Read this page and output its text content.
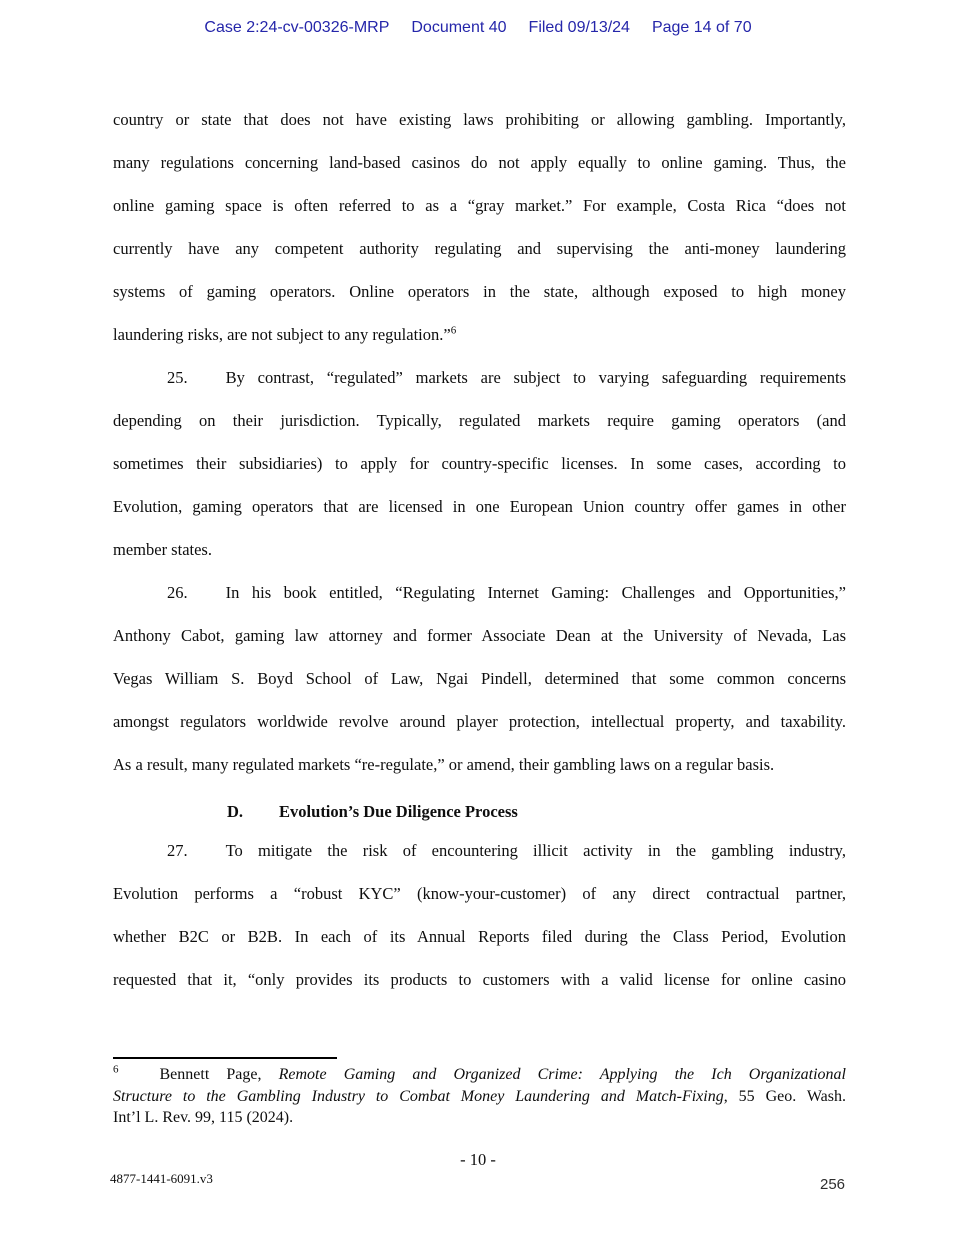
Case 2:24-cv-00326-MRP Document 40 Filed 09/13/24 Page 14 of 70
country or state that does not have existing laws prohibiting or allowing gambling. Importantly,
many regulations concerning land-based casinos do not apply equally to online gaming. Thus, the
online gaming space is often referred to as a “gray market.” For example, Costa Rica “does not
currently have any competent authority regulating and supervising the anti-money laundering
systems of gaming operators. Online operators in the state, although exposed to high money
laundering risks, are not subject to any regulation.”$^6$
25. By contrast, “regulated” markets are subject to varying safeguarding requirements
depending on their jurisdiction. Typically, regulated markets require gaming operators (and
sometimes their subsidiaries) to apply for country-specific licenses. In some cases, according to
Evolution, gaming operators that are licensed in one European Union country offer games in other
member states.
26. In his book entitled, “Regulating Internet Gaming: Challenges and Opportunities,”
Anthony Cabot, gaming law attorney and former Associate Dean at the University of Nevada, Las
Vegas William S. Boyd School of Law, Ngai Pindell, determined that some common concerns
amongst regulators worldwide revolve around player protection, intellectual property, and taxability.
As a result, many regulated markets “re-regulate,” or amend, their gambling laws on a regular basis.
D. Evolution’s Due Diligence Process
27. To mitigate the risk of encountering illicit activity in the gambling industry,
Evolution performs a “robust KYC” (know-your-customer) of any direct contractual partner,
whether B2C or B2B. In each of its Annual Reports filed during the Class Period, Evolution
requested that it, “only provides its products to customers with a valid license for online casino
$^6$	Bennett Page, Remote Gaming and Organized Crime: Applying the Ich Organizational
Structure to the Gambling Industry to Combat Money Laundering and Match-Fixing, 55 Geo. Wash.
Int’l L. Rev. 99, 115 (2024).
- 10 -
4877-1441-6091.v3	256
